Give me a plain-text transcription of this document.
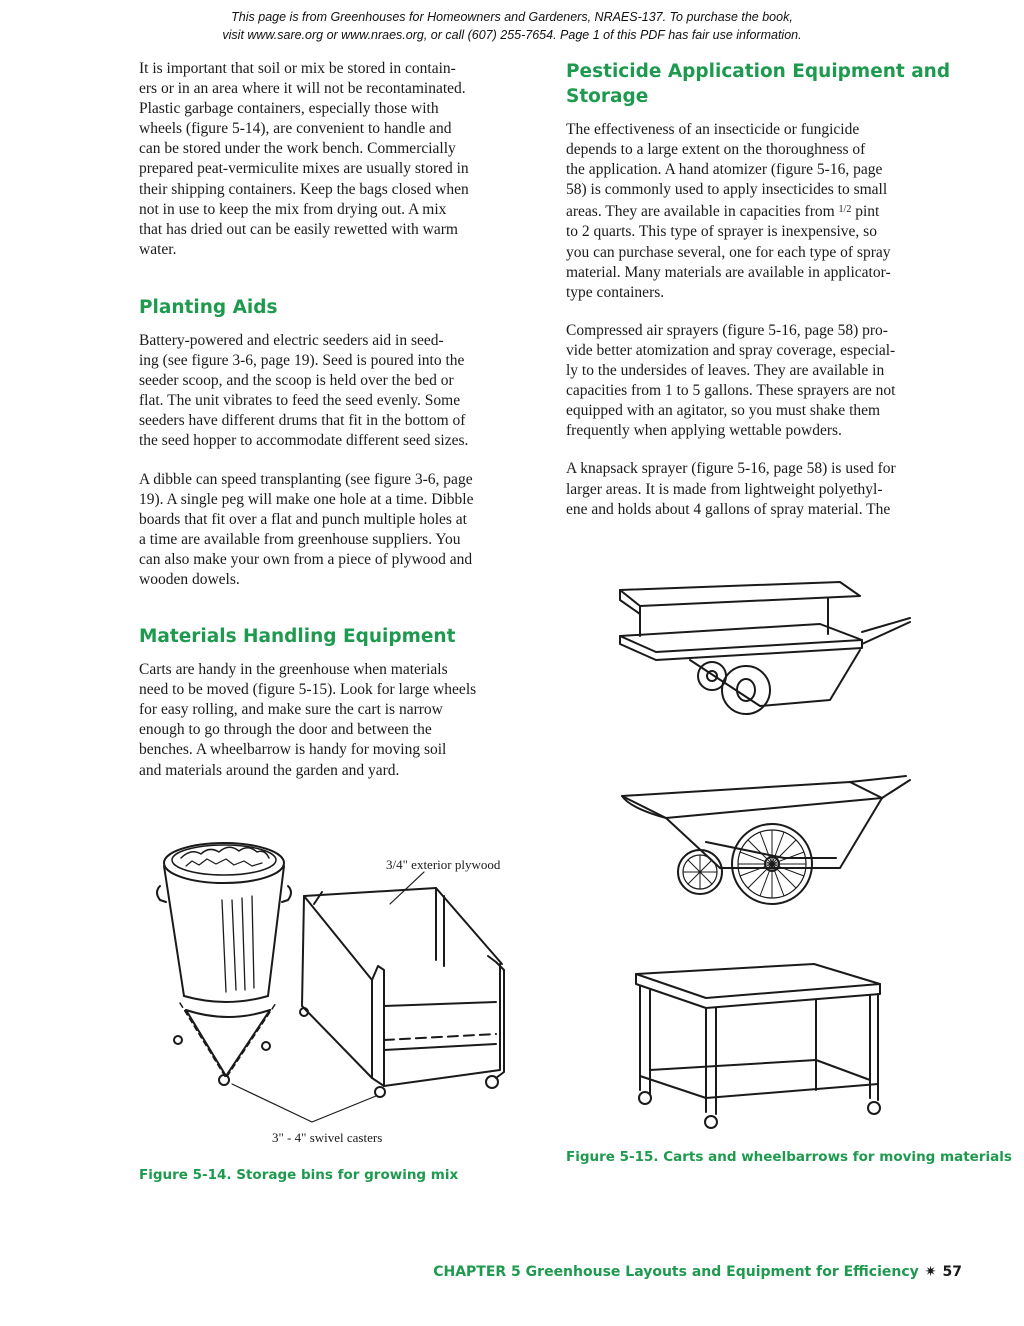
This page is from Greenhouses for Homeowners and Gardeners, NRAES-137. To purchase the book,
visit www.sare.org or www.nraes.org, or call (607) 255-7654. Page 1 of this PDF has fair use information.

It is important that soil or mix be stored in contain-
ers or in an area where it will not be recontaminated.
Plastic garbage containers, especially those with
wheels (figure 5-14), are convenient to handle and
can be stored under the work bench. Commercially
prepared peat-vermiculite mixes are usually stored in
their shipping containers. Keep the bags closed when
not in use to keep the mix from drying out. A mix
that has dried out can be easily rewetted with warm
water.

Planting Aids

Battery-powered and electric seeders aid in seed-
ing (see figure 3-6, page 19). Seed is poured into the
seeder scoop, and the scoop is held over the bed or
flat. The unit vibrates to feed the seed evenly. Some
seeders have different drums that fit in the bottom of
the seed hopper to accommodate different seed sizes.

A dibble can speed transplanting (see figure 3-6, page
19). A single peg will make one hole at a time. Dibble
boards that fit over a flat and punch multiple holes at
a time are available from greenhouse suppliers. You
can also make your own from a piece of plywood and
wooden dowels.

Materials Handling Equipment

Carts are handy in the greenhouse when materials
need to be moved (figure 5-15). Look for large wheels
for easy rolling, and make sure the cart is narrow
enough to go through the door and between the
benches. A wheelbarrow is handy for moving soil
and materials around the garden and yard.

Pesticide Application Equipment and
Storage

The effectiveness of an insecticide or fungicide
depends to a large extent on the thoroughness of
the application. A hand atomizer (figure 5-16, page
58) is commonly used to apply insecticides to small
areas. They are available in capacities from $^{1/2}$ pint
to 2 quarts. This type of sprayer is inexpensive, so
you can purchase several, one for each type of spray
material. Many materials are available in applicator-
type containers.

Compressed air sprayers (figure 5-16, page 58) pro-
vide better atomization and spray coverage, especial-
ly to the undersides of leaves. They are available in
capacities from 1 to 5 gallons. These sprayers are not
equipped with an agitator, so you must shake them
frequently when applying wettable powders.

A knapsack sprayer (figure 5-16, page 58) is used for
larger areas. It is made from lightweight polyethyl-
ene and holds about 4 gallons of spray material. The

3/4" exterior plywood
3" - 4" swivel casters
Figure 5-14. Storage bins for growing mix
Figure 5-15. Carts and wheelbarrows for moving materials
CHAPTER 5 Greenhouse Layouts and Equipment for Efficiency ✷ 57
